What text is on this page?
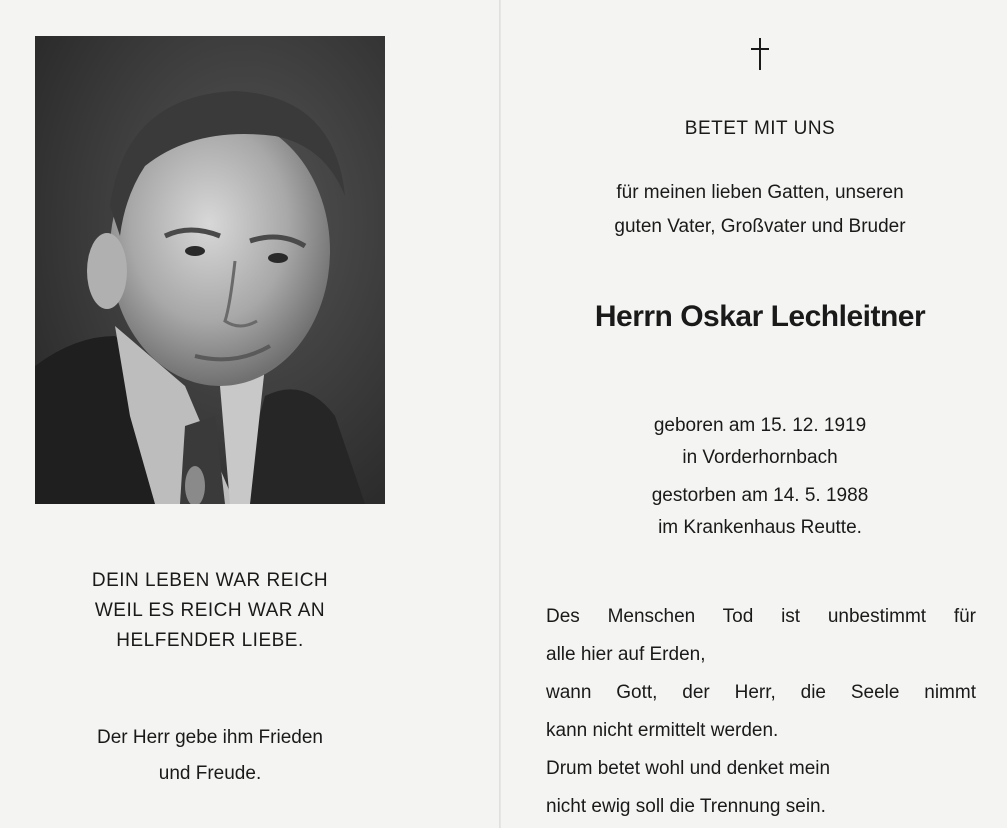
DEIN LEBEN WAR REICH
WEIL ES REICH WAR AN
HELFENDER LIEBE.
Der Herr gebe ihm Frieden
und Freude.
BETET MIT UNS
für meinen lieben Gatten, unseren
guten Vater, Großvater und Bruder
Herrn Oskar Lechleitner
geboren am 15. 12. 1919
in Vorderhornbach
gestorben am 14. 5. 1988
im Krankenhaus Reutte.
Des Menschen Tod ist unbestimmt für
alle hier auf Erden,
wann Gott, der Herr, die Seele nimmt
kann nicht ermittelt werden.
Drum betet wohl und denket mein
nicht ewig soll die Trennung sein.
